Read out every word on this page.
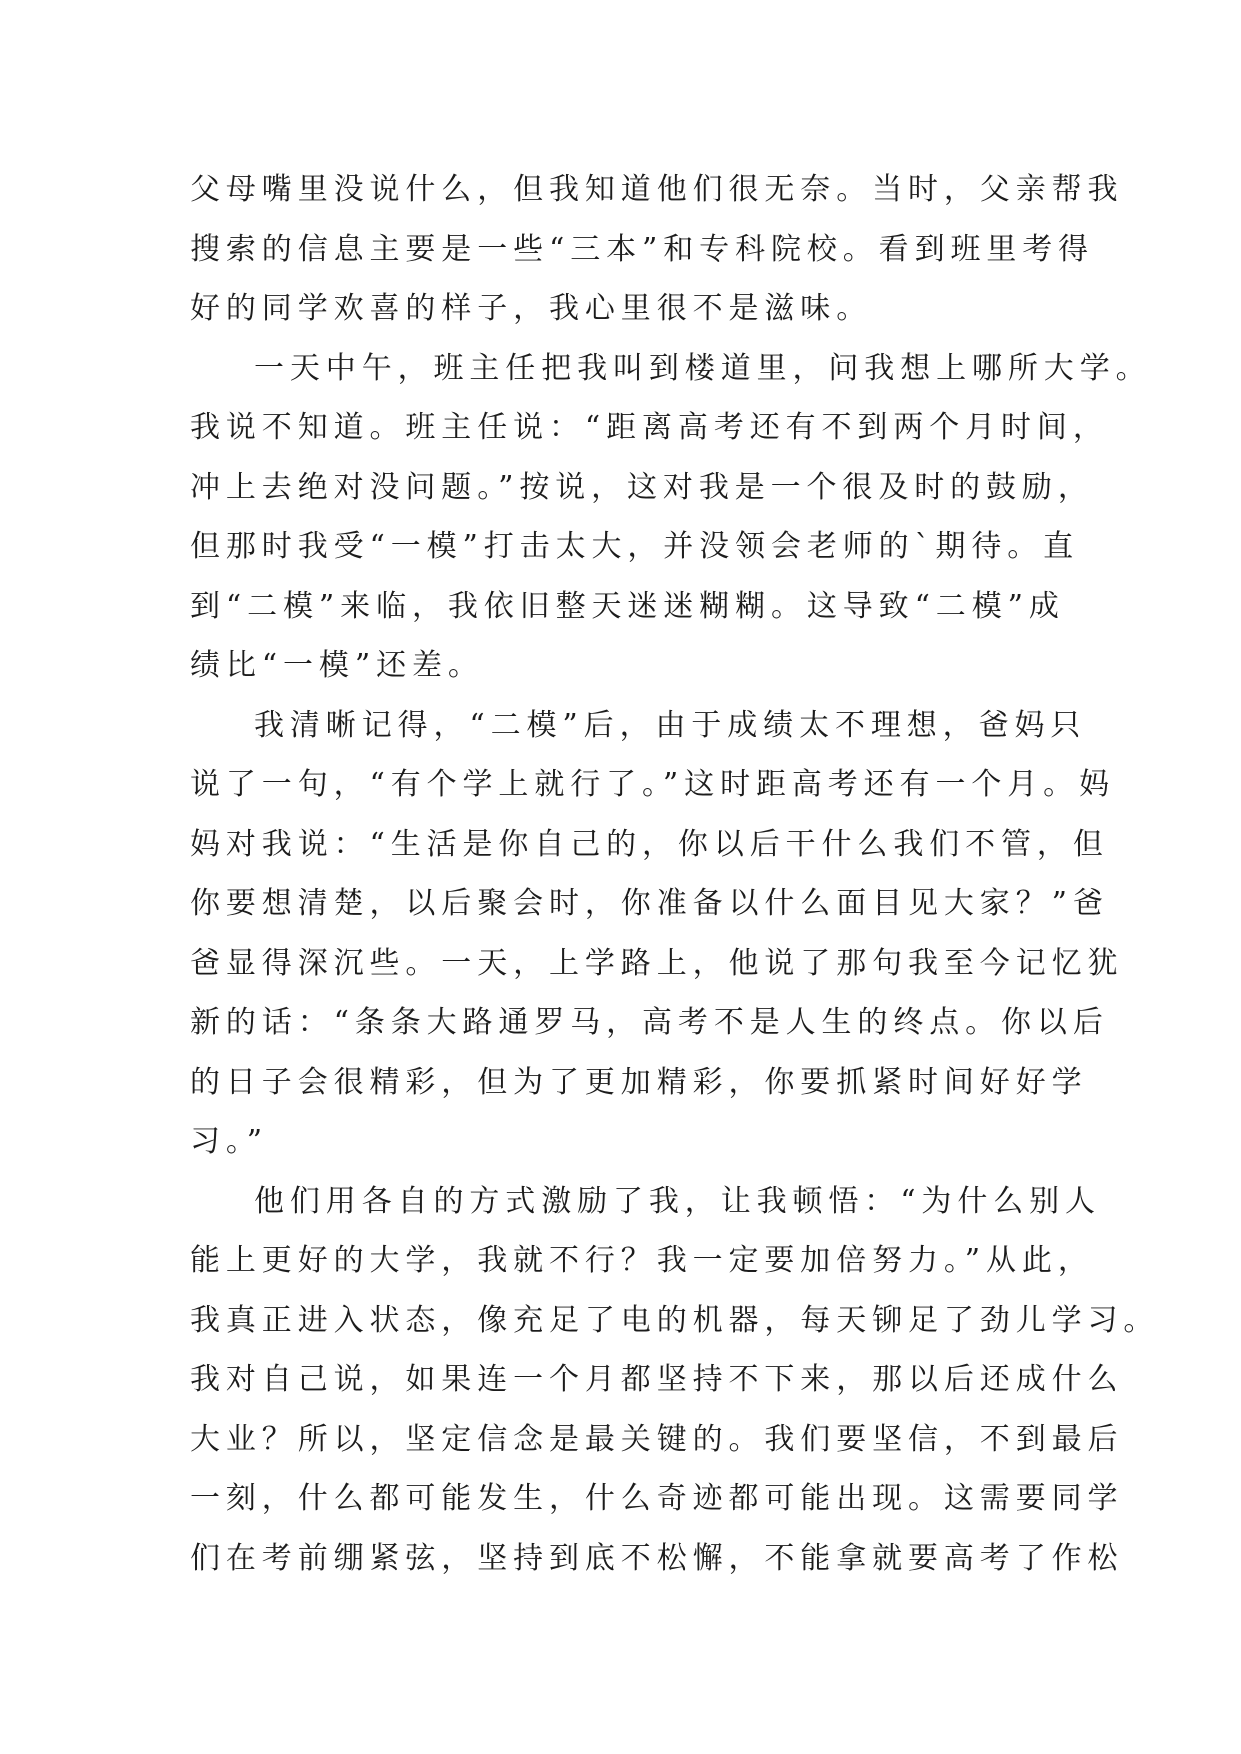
父母嘴里没说什么，但我知道他们很无奈。当时，父亲帮我
搜索的信息主要是一些“三本”和专科院校。看到班里考得
好的同学欢喜的样子，我心里很不是滋味。

一天中午，班主任把我叫到楼道里，问我想上哪所大学。
我说不知道。班主任说：“距离高考还有不到两个月时间，
冲上去绝对没问题。”按说，这对我是一个很及时的鼓励，
但那时我受“一模”打击太大，并没领会老师的`期待。直
到“二模”来临，我依旧整天迷迷糊糊。这导致“二模”成
绩比“一模”还差。

我清晰记得，“二模”后，由于成绩太不理想，爸妈只
说了一句，“有个学上就行了。”这时距高考还有一个月。妈
妈对我说：“生活是你自己的，你以后干什么我们不管，但
你要想清楚，以后聚会时，你准备以什么面目见大家？”爸
爸显得深沉些。一天，上学路上，他说了那句我至今记忆犹
新的话：“条条大路通罗马，高考不是人生的终点。你以后
的日子会很精彩，但为了更加精彩，你要抓紧时间好好学
习。”

他们用各自的方式激励了我，让我顿悟：“为什么别人
能上更好的大学，我就不行？我一定要加倍努力。”从此，
我真正进入状态，像充足了电的机器，每天铆足了劲儿学习。
我对自己说，如果连一个月都坚持不下来，那以后还成什么
大业？所以，坚定信念是最关键的。我们要坚信，不到最后
一刻，什么都可能发生，什么奇迹都可能出现。这需要同学
们在考前绷紧弦，坚持到底不松懈，不能拿就要高考了作松
